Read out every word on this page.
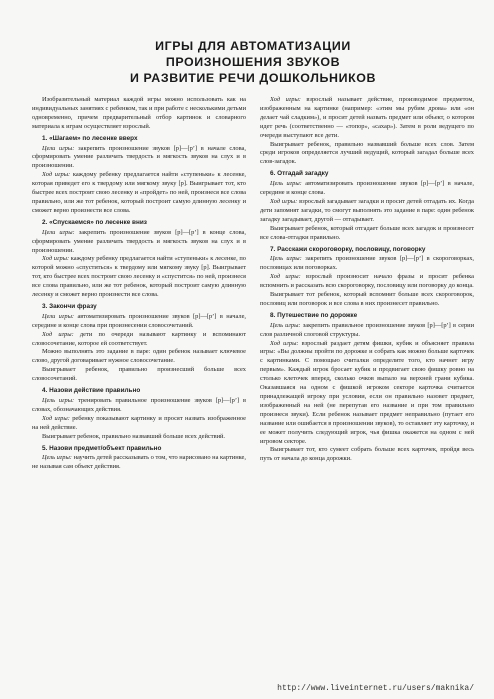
ИГРЫ ДЛЯ АВТОМАТИЗАЦИИ
ПРОИЗНОШЕНИЯ ЗВУКОВ
И РАЗВИТИЕ РЕЧИ ДОШКОЛЬНИКОВ

Изобразительный материал каждой игры можно использовать как на индивидуальных занятиях с ребенком, так и при работе с несколькими детьми одновременно, причем предварительный отбор картинок и словарного материала к играм осуществляет взрослый.

1. «Шагаем» по лесенке вверх

Цели игры: закрепить произношение звуков [р]—[р’] в начале слова, сформировать умение различать твердость и мягкость звуков на слух и в произношении.

Ход игры: каждому ребенку предлагается найти «ступеньки» к лесенке, которая приведет его к твердому или мягкому звуку [р]. Выигрывает тот, кто быстрее всех построит свою лесенку и «пройдет» по ней, произнеся все слова правильно, или же тот ребенок, который построит самую длинную лесенку и сможет верно произнести все слова.

2. «Спускаемся» по лесенке вниз

Цели игры: закрепить произношение звуков [р]—[р’] в конце слова, сформировать умение различать твердость и мягкость звуков на слух и в произношении.

Ход игры: каждому ребенку предлагается найти «ступеньки» к лесенке, по которой можно «спуститься» к твердому или мягкому звуку [р]. Выигрывает тот, кто быстрее всех построит свою лесенку и «спустится» по ней, произнеся все слова правильно, или же тот ребенок, который построит самую длинную лесенку и сможет верно произнести все слова.

3. Закончи фразу

Цели игры: автоматизировать произношение звуков [р]—[р’] в начале, середине и конце слова при произнесении словосочетаний.

Ход игры: дети по очереди называют картинку и вспоминают словосочетание, которое ей соответствует.

Можно выполнять это задание в паре: один ребенок называет ключевое слово, другой договаривает нужное словосочетание.

Выигрывает ребенок, правильно произнесший больше всех словосочетаний.

4. Назови действие правильно

Цель игры: тренировать правильное произношение звуков [р]—[р’] в словах, обозначающих действия.

Ход игры: ребенку показывают картинку и просят назвать изображенное на ней действие.

Выигрывает ребенок, правильно назвавший больше всех действий.

5. Назови предмет/объект правильно

Цель игры: научить детей рассказывать о том, что нарисовано на картинке, не называя сам объект действия.

Ход игры: взрослый называет действие, производимое предметом, изображенным на картинке (например: «этим мы рубим дрова» или «он делает чай сладким»), и просит детей назвать предмет или объект, о котором идет речь (соответственно — «топор», «сахар»). Затем в роли ведущего по очереди выступают все дети.

Выигрывает ребенок, правильно назвавший больше всех слов. Затем среди игроков определяется лучший ведущий, который загадал больше всех слов-загадок.

6. Отгадай загадку

Цель игры: автоматизировать произношение звуков [р]—[р’] в начале, середине и конце слова.

Ход игры: взрослый загадывает загадки и просит детей отгадать их. Когда дети запомнят загадки, то смогут выполнять это задание в паре: один ребенок загадку загадывает, другой — отгадывает.

Выигрывает ребенок, который отгадает больше всех загадок и произнесет все слова-отгадки правильно.

7. Расскажи скороговорку, пословицу, поговорку

Цель игры: закрепить произношение звуков [р]—[р’] в скороговорках, пословицах или поговорках.

Ход игры: взрослый произносит начало фразы и просит ребенка вспомнить и рассказать всю скороговорку, пословицу или поговорку до конца.

Выигрывает тот ребенок, который вспомнит больше всех скороговорок, пословиц или поговорок и все слова в них произнесет правильно.

8. Путешествие по дорожке

Цель игры: закрепить правильное произношение звуков [р]—[р’] в серии слов различной слоговой структуры.

Ход игры: взрослый раздает детям фишки, кубик и объясняет правила игры: «Вы должны пройти по дорожке и собрать как можно больше карточек с картинками. С помощью считалки определите того, кто начнет игру первым». Каждый игрок бросает кубик и продвигает свою фишку ровно на столько клеточек вперед, сколько очков выпало на верхней грани кубика. Оказавшаяся на одном с фишкой игроком секторе карточка считается принадлежащей игроку при условии, если он правильно назовет предмет, изображенный на ней (не перепутав его название и при том правильно произнеся звуки). Если ребенок называет предмет неправильно (путает его название или ошибается в произношении звуков), то оставляет эту карточку, и ее может получить следующий игрок, чья фишка окажется на одном с ней игровом секторе.

Выигрывает тот, кто сумеет собрать больше всех карточек, пройдя весь путь от начала до конца дорожки.

http://www.liveinternet.ru/users/maknika/
